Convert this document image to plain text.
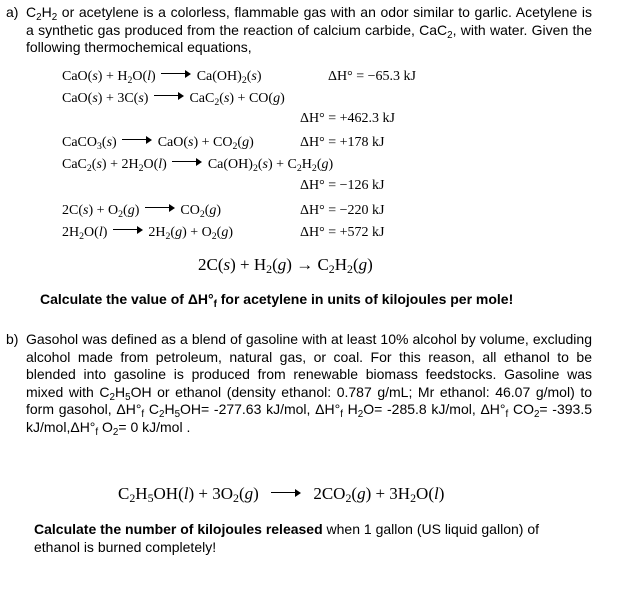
a) $C_2H_2$ or acetylene is a colorless, flammable gas with an odor similar to garlic. Acetylene is a synthetic gas produced from the reaction of calcium carbide, CaC$_2$, with water. Given the following thermochemical equations,
$CaO(s) + H_2O(l)$	$Ca(OH)_2(s)$	ΔH° = −65.3 kJ
CaO(s) + 3C(s)	CaC$_2$(s) + CO(g)
ΔH° = +462.3 kJ
CaCO$_3$(s)	$CaO(s) + CO_2(g)$	ΔH° = +178 kJ
$CaC_2(s) + 2H_2O(l)$	$Ca(OH)_2(s) + C_2H_2(g)$
ΔH° = −126 kJ
$2C(s) + O_2(g)$	$CO_2(g)$	ΔH° = −220 kJ
$2H_2O(l)$	$2H_2(g) + O_2(g)$	ΔH° = +572 kJ
$2C(s) + H_2(g) \to C_2H_2(g)$
Calculate the value of $\Delta H^\circ_f$ for acetylene in units of kilojoules per mole!
b) Gasohol was defined as a blend of gasoline with at least 10% alcohol by volume, excluding alcohol made from petroleum, natural gas, or coal. For this reason, all ethanol to be blended into gasoline is produced from renewable biomass feedstocks. Gasoline was mixed with $C_2H_5OH$ or ethanol (density ethanol: 0.787 g/mL; Mr ethanol: 46.07 g/mol) to form gasohol, $\Delta H^\circ_f$ $C_2H_5OH= -277.63$ kJ/mol, $\Delta H^\circ_f$ $H_2O= -285.8$ kJ/mol, $\Delta H^\circ_f$ $CO_2= -393.5$ $kJ/mol,\Delta H^\circ_f$ $O_2= 0$ kJ/mol .
$C_2H_5OH(l) + 3O_2(g)$	$2CO_2(g) + 3H_2O(l)$
Calculate the number of kilojoules released when 1 gallon (US liquid gallon) of ethanol is burned completely!
